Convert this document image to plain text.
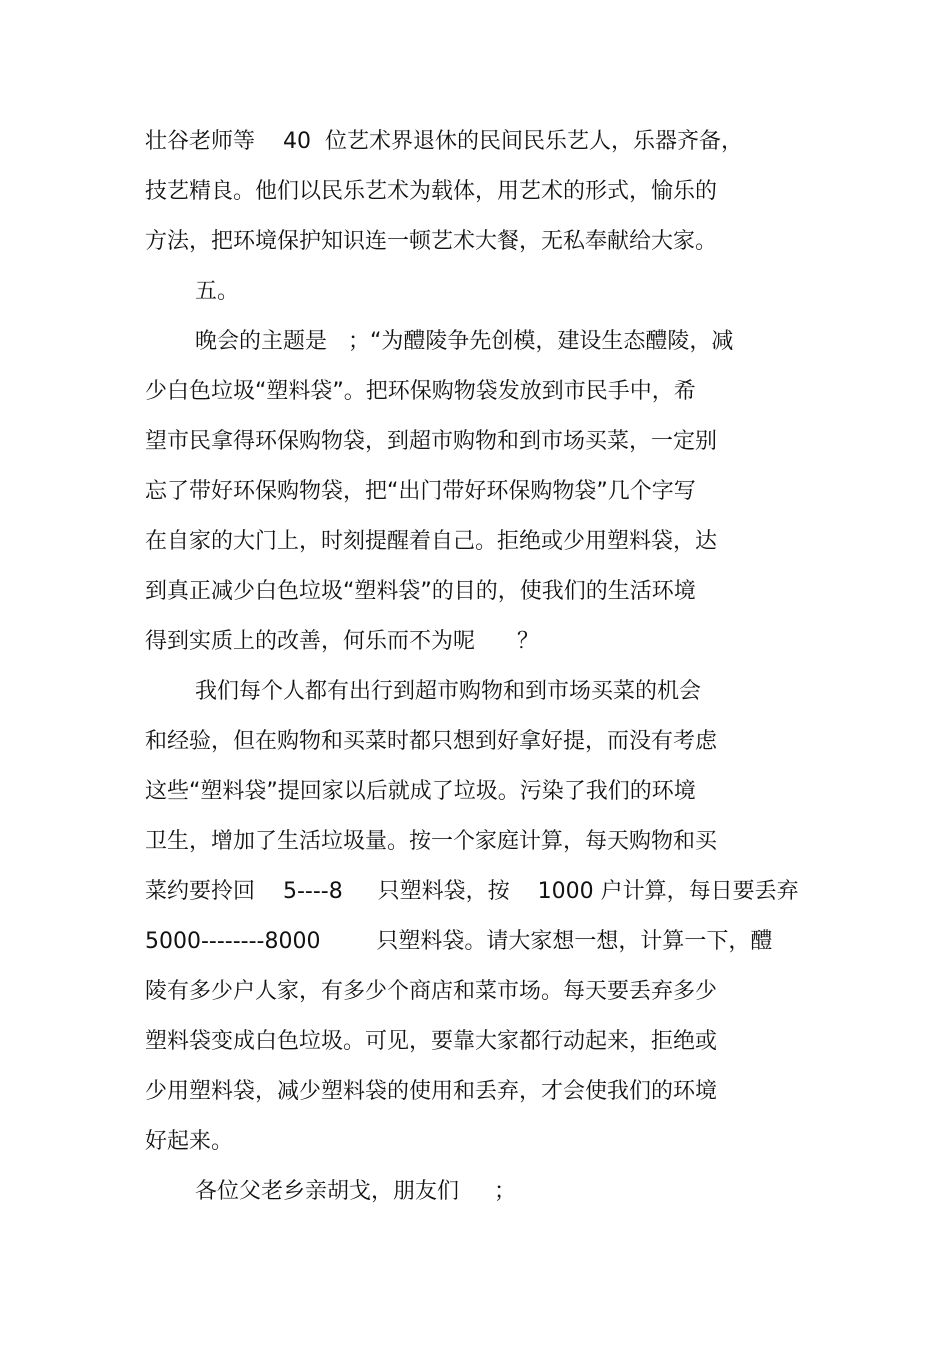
壮谷老师等    40  位艺术界退休的民间民乐艺人，乐器齐备，
技艺精良。他们以民乐艺术为载体，用艺术的形式，愉乐的
方法，把环境保护知识连一顿艺术大餐，无私奉献给大家。
五。
晚会的主题是   ；“为醴陵争先创模，建设生态醴陵，减
少白色垃圾“塑料袋”。把环保购物袋发放到市民手中，希
望市民拿得环保购物袋，到超市购物和到市场买菜，一定别
忘了带好环保购物袋，把“出门带好环保购物袋”几个字写
在自家的大门上，时刻提醒着自己。拒绝或少用塑料袋，达
到真正减少白色垃圾“塑料袋”的目的，使我们的生活环境
得到实质上的改善，何乐而不为呢      ？
我们每个人都有出行到超市购物和到市场买菜的机会
和经验，但在购物和买菜时都只想到好拿好提，而没有考虑
这些“塑料袋”提回家以后就成了垃圾。污染了我们的环境
卫生，增加了生活垃圾量。按一个家庭计算，每天购物和买
菜约要拎回    5----8     只塑料袋，按    1000 户计算，每日要丢弃
5000--------8000        只塑料袋。请大家想一想，计算一下，醴
陵有多少户人家，有多少个商店和菜市场。每天要丢弃多少
塑料袋变成白色垃圾。可见，要靠大家都行动起来，拒绝或
少用塑料袋，减少塑料袋的使用和丢弃，才会使我们的环境
好起来。
各位父老乡亲胡戈，朋友们     ；
